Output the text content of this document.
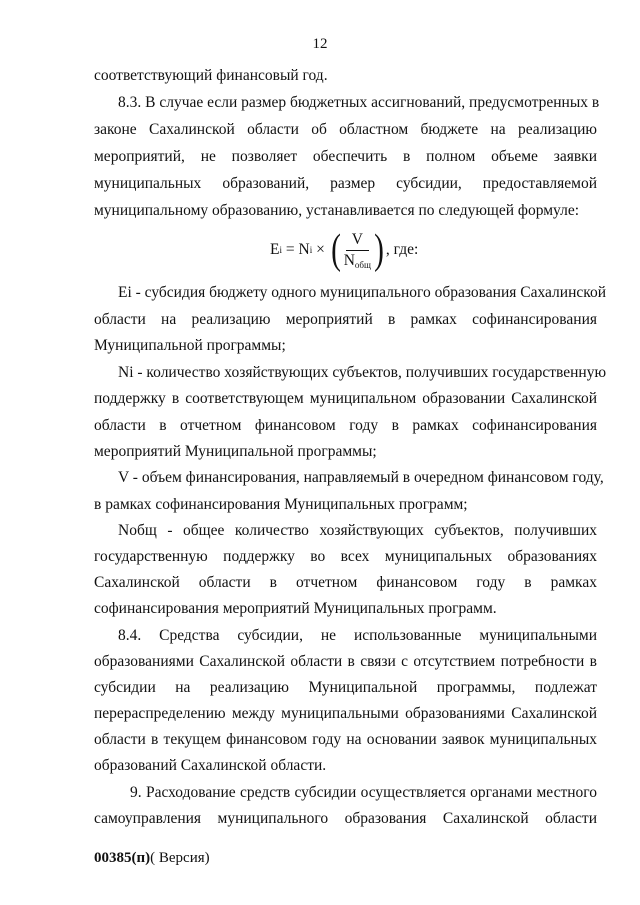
12
соответствующий финансовый год.
8.3. В случае если размер бюджетных ассигнований, предусмотренных в
законе Сахалинской области об областном бюджете на реализацию
мероприятий, не позволяет обеспечить в полном объеме заявки
муниципальных образований, размер субсидии, предоставляемой
муниципальному образованию, устанавливается по следующей формуле:
E i = N i × ( $\frac{V}{N_{общ}}$ ) , где:
Ei - субсидия бюджету одного муниципального образования Сахалинской
области на реализацию мероприятий в рамках софинансирования
Муниципальной программы;
Ni - количество хозяйствующих субъектов, получивших государственную
поддержку в соответствующем муниципальном образовании Сахалинской
области в отчетном финансовом году в рамках софинансирования
мероприятий Муниципальной программы;
V - объем финансирования, направляемый в очередном финансовом году,
в рамках софинансирования Муниципальных программ;
Nобщ - общее количество хозяйствующих субъектов, получивших
государственную поддержку во всех муниципальных образованиях
Сахалинской области в отчетном финансовом году в рамках
софинансирования мероприятий Муниципальных программ.
8.4. Средства субсидии, не использованные муниципальными
образованиями Сахалинской области в связи с отсутствием потребности в
субсидии на реализацию Муниципальной программы, подлежат
перераспределению между муниципальными образованиями Сахалинской
области в текущем финансовом году на основании заявок муниципальных
образований Сахалинской области.
9. Расходование средств субсидии осуществляется органами местного
самоуправления муниципального образования Сахалинской области
00385(п)( Версия)
